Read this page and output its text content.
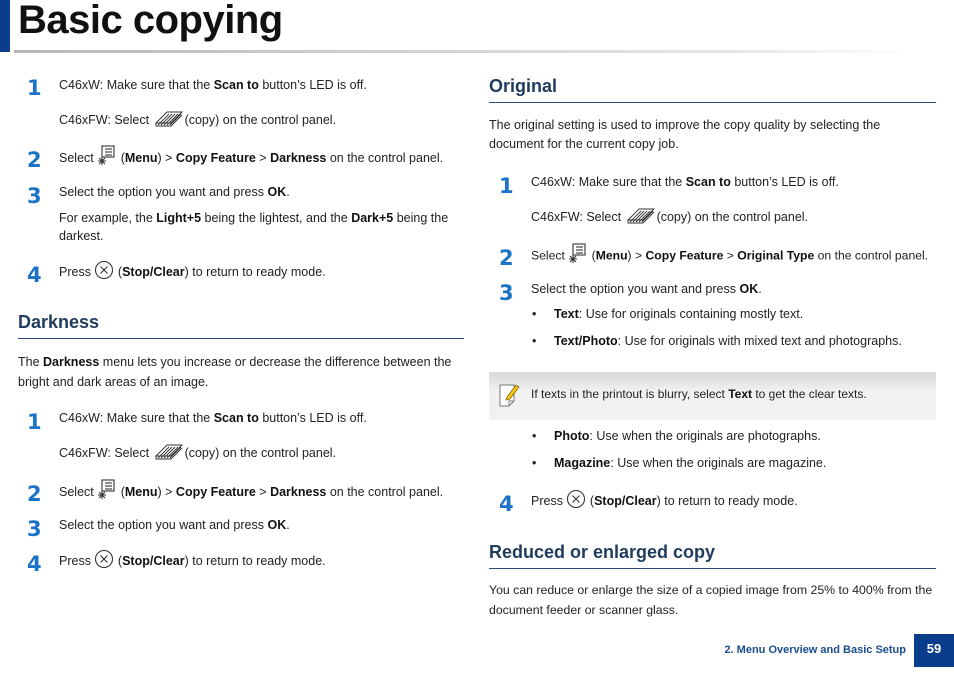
Basic copying
1 C46xW: Make sure that the Scan to button’s LED is off.
C46xFW: Select	(copy) on the control panel.
2 Select  (Menu) > Copy Feature > Darkness on the control panel.
3 Select the option you want and press OK.
For example, the Light+5 being the lightest, and the Dark+5 being the darkest.
4 Press  (Stop/Clear) to return to ready mode.
Darkness
The Darkness menu lets you increase or decrease the difference between the bright and dark areas of an image.
1 C46xW: Make sure that the Scan to button’s LED is off.
C46xFW: Select	(copy) on the control panel.
2 Select  (Menu) > Copy Feature > Darkness on the control panel.
3 Select the option you want and press OK.
4 Press  (Stop/Clear) to return to ready mode.
Original
The original setting is used to improve the copy quality by selecting the document for the current copy job.
1 C46xW: Make sure that the Scan to button’s LED is off.
C46xFW: Select	(copy) on the control panel.
2 Select  (Menu) > Copy Feature > Original Type on the control panel.
3 Select the option you want and press OK.
• Text: Use for originals containing mostly text.
• Text/Photo: Use for originals with mixed text and photographs.
If texts in the printout is blurry, select Text to get the clear texts.
• Photo: Use when the originals are photographs.
• Magazine: Use when the originals are magazine.
4 Press  (Stop/Clear) to return to ready mode.
Reduced or enlarged copy
You can reduce or enlarge the size of a copied image from 25% to 400% from the document feeder or scanner glass.
2. Menu Overview and Basic Setup	59
